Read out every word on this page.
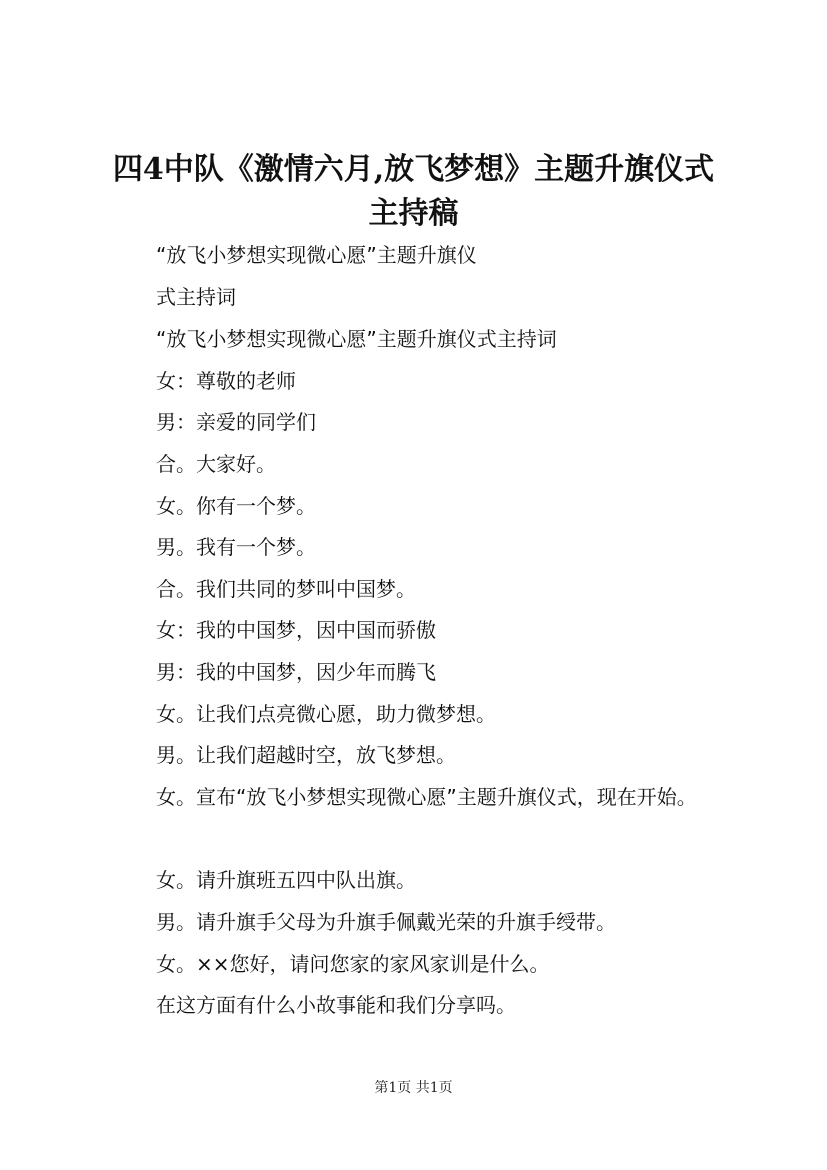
四4中队《激情六月,放飞梦想》主题升旗仪式主持稿

“放飞小梦想实现微心愿”主题升旗仪

式主持词

“放飞小梦想实现微心愿”主题升旗仪式主持词

女：尊敬的老师

男：亲爱的同学们

合。大家好。

女。你有一个梦。

男。我有一个梦。

合。我们共同的梦叫中国梦。

女：我的中国梦，因中国而骄傲

男：我的中国梦，因少年而腾飞

女。让我们点亮微心愿，助力微梦想。

男。让我们超越时空，放飞梦想。

女。宣布“放飞小梦想实现微心愿”主题升旗仪式，现在开始。

女。请升旗班五四中队出旗。

男。请升旗手父母为升旗手佩戴光荣的升旗手绶带。

女。××您好，请问您家的家风家训是什么。

在这方面有什么小故事能和我们分享吗。

第1页 共1页
